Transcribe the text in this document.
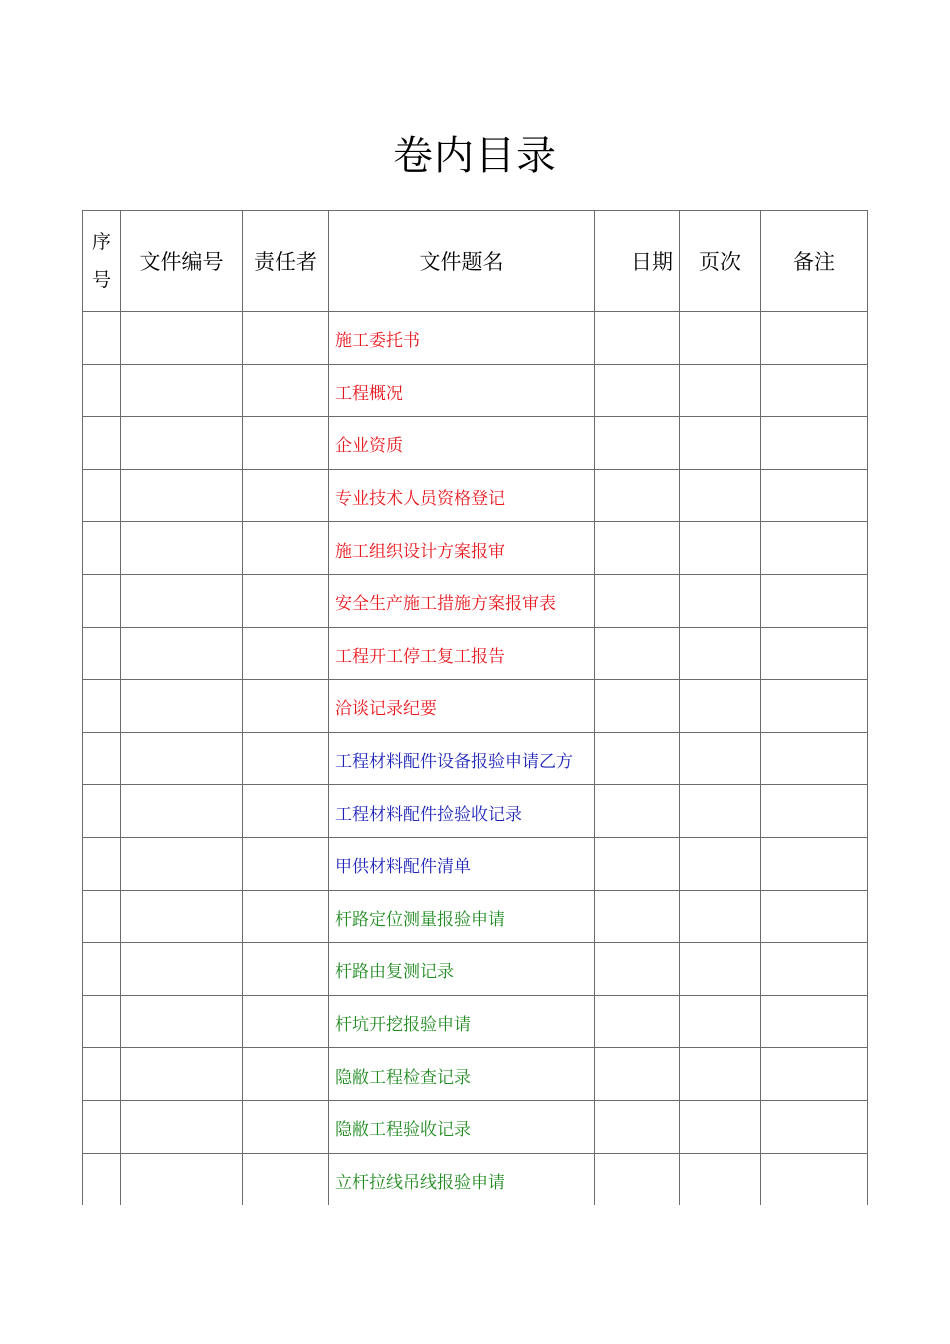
卷内目录
序
号	文件编号	责任者	文件题名	日期	页次	备注
			施工委托书			
			工程概况			
			企业资质			
			专业技术人员资格登记			
			施工组织设计方案报审			
			安全生产施工措施方案报审表			
			工程开工停工复工报告			
			洽谈记录纪要			
			工程材料配件设备报验申请乙方			
			工程材料配件捡验收记录			
			甲供材料配件清单			
			杆路定位测量报验申请			
			杆路由复测记录			
			杆坑开挖报验申请			
			隐敝工程检查记录			
			隐敝工程验收记录			
			立杆拉线吊线报验申请			
